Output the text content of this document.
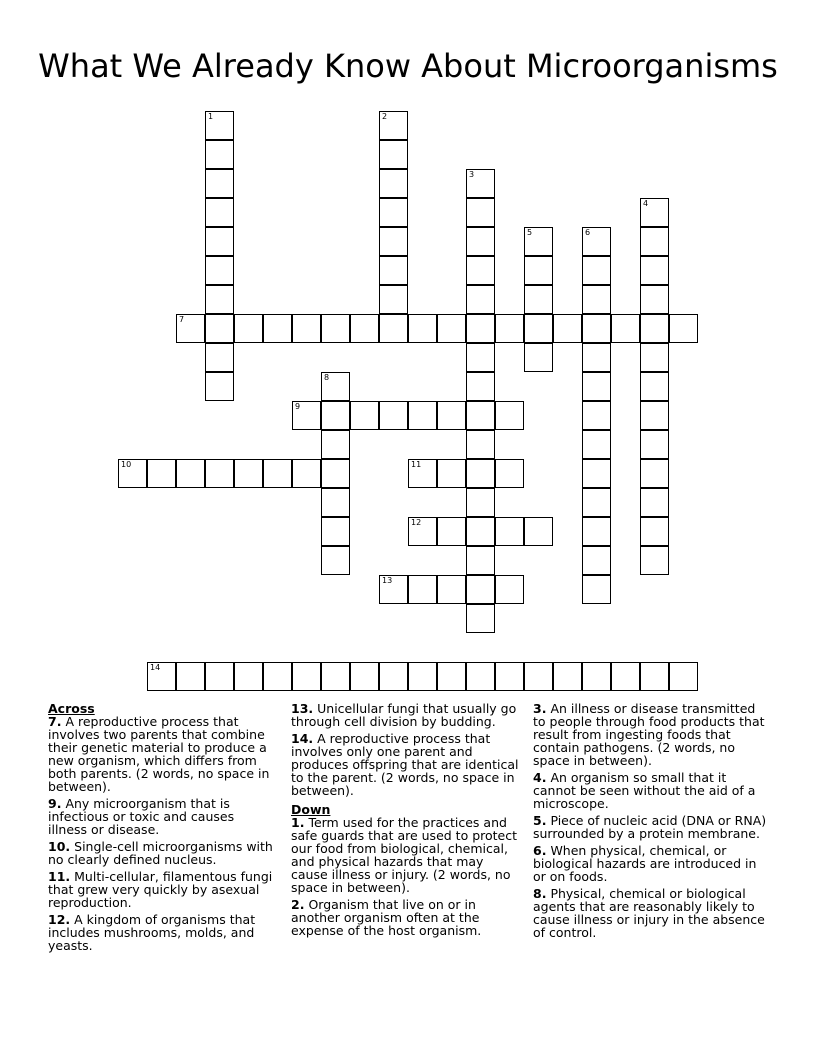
What We Already Know About Microorganisms
1	2
3
4
5	6
7
8
9
10	11
12
13
14
Across

7. A reproductive process that involves two parents that combine their genetic material to produce a new organism, which differs from both parents. (2 words, no space in between).

9. Any microorganism that is infectious or toxic and causes illness or disease.

10. Single-cell microorganisms with no clearly defined nucleus.

11. Multi-cellular, filamentous fungi that grew very quickly by asexual reproduction.

12. A kingdom of organisms that includes mushrooms, molds, and yeasts.

13. Unicellular fungi that usually go through cell division by budding.

14. A reproductive process that involves only one parent and produces offspring that are identical to the parent. (2 words, no space in between).

Down

1. Term used for the practices and safe guards that are used to protect our food from biological, chemical, and physical hazards that may cause illness or injury. (2 words, no space in between).

2. Organism that live on or in another organism often at the expense of the host organism.

3. An illness or disease transmitted to people through food products that result from ingesting foods that contain pathogens. (2 words, no space in between).

4. An organism so small that it cannot be seen without the aid of a microscope.

5. Piece of nucleic acid (DNA or RNA) surrounded by a protein membrane.

6. When physical, chemical, or biological hazards are introduced in or on foods.

8. Physical, chemical or biological agents that are reasonably likely to cause illness or injury in the absence of control.
